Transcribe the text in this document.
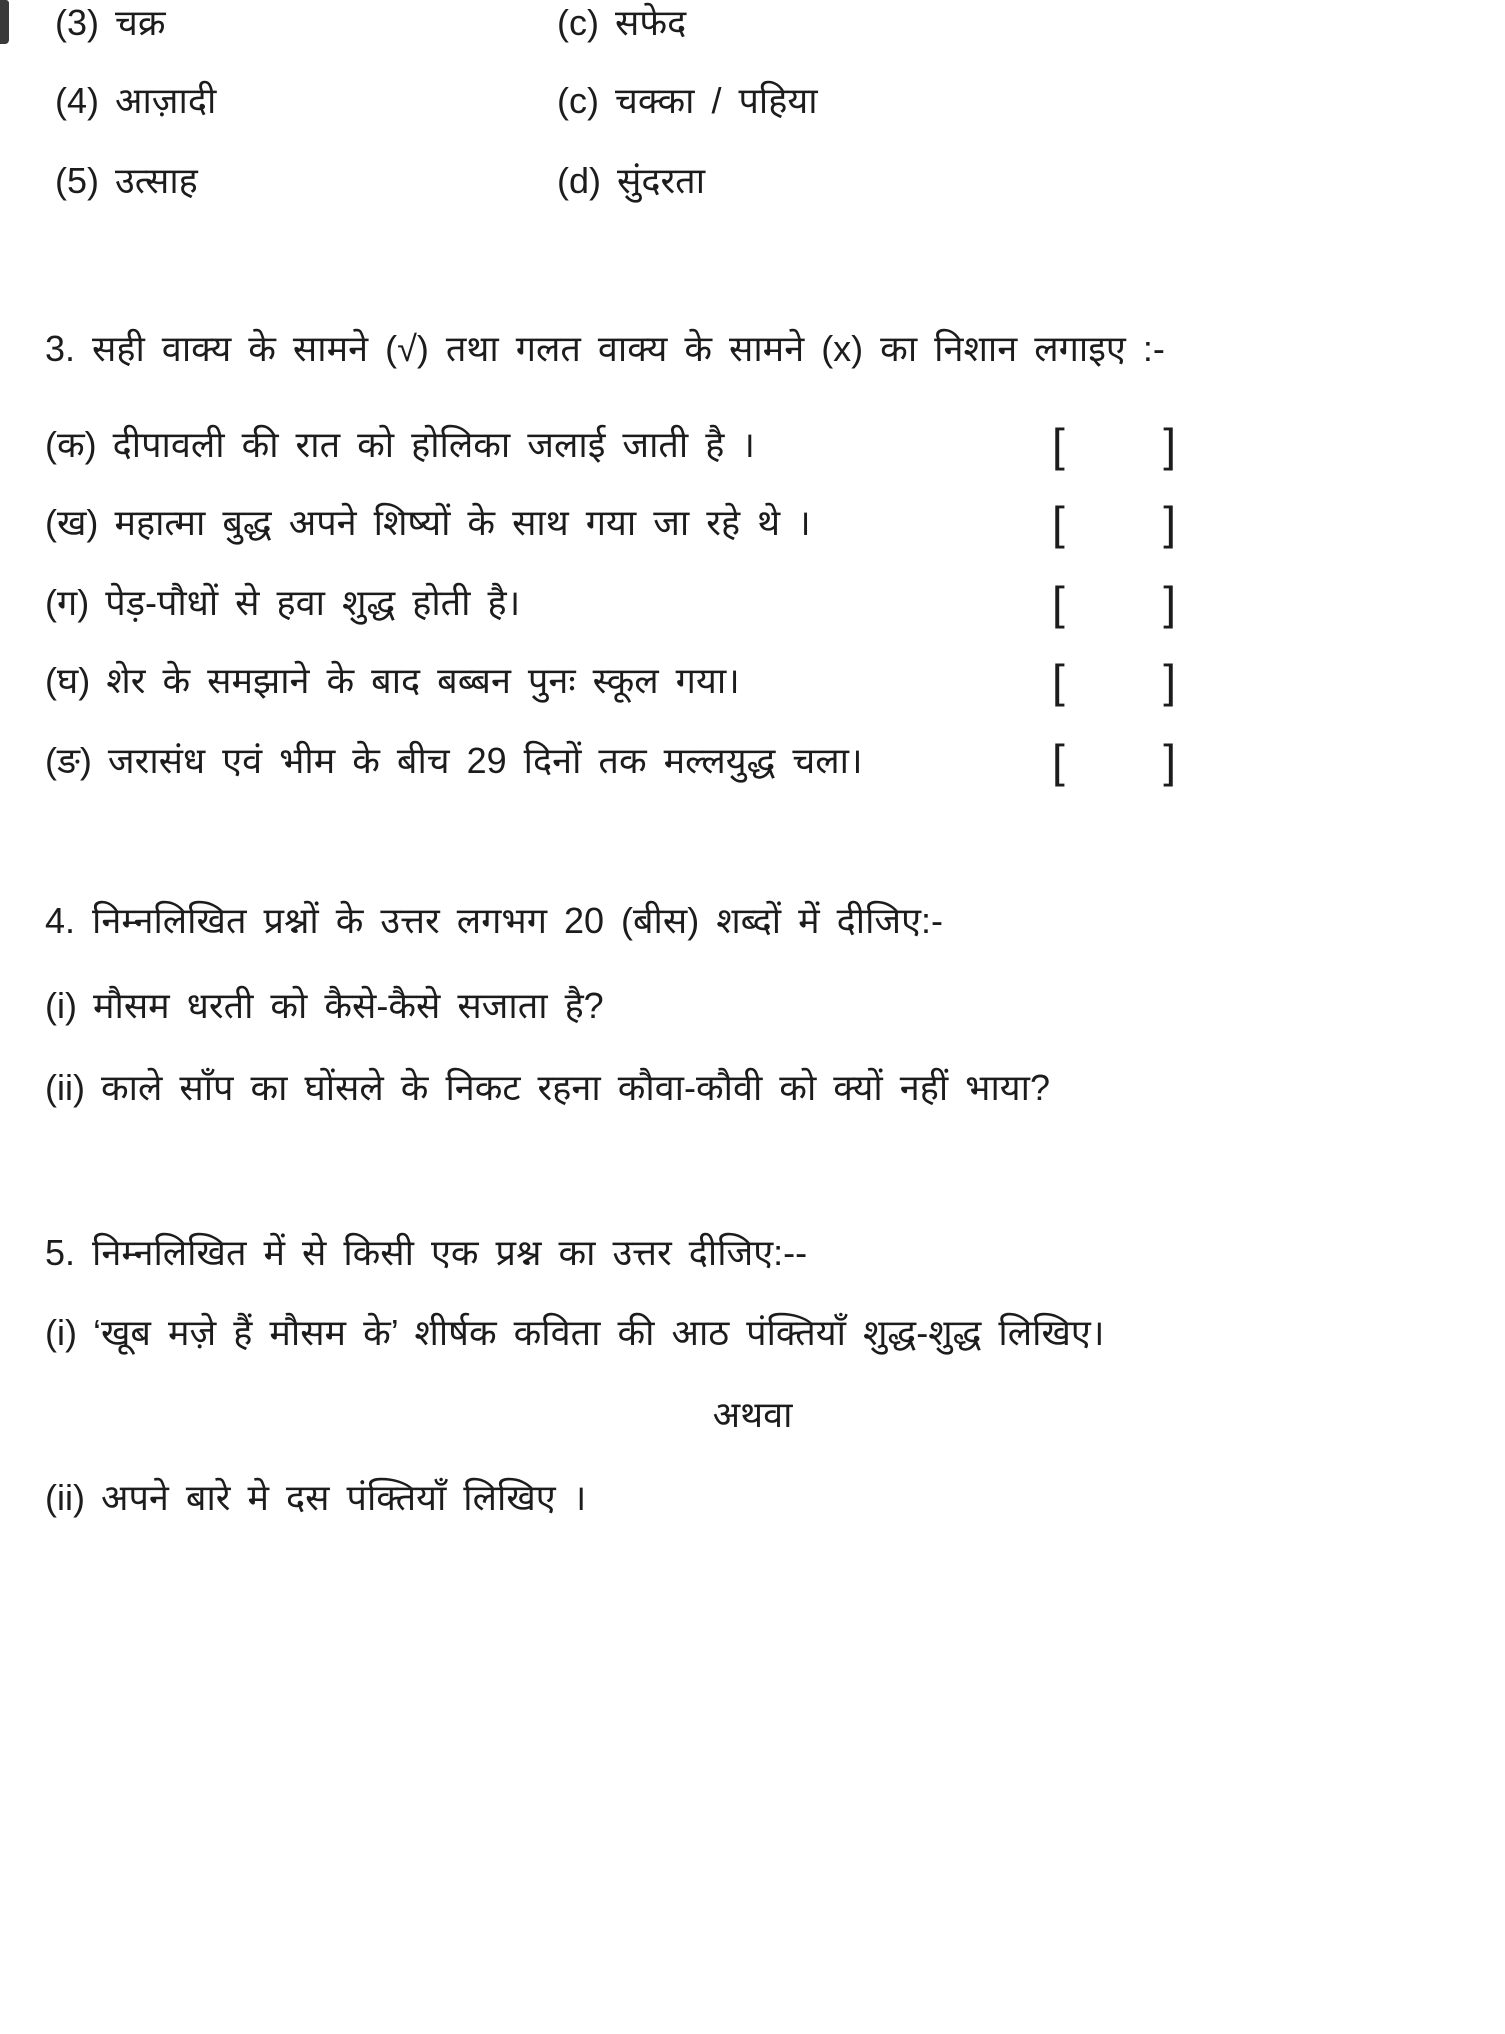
(3) चक्र	(c) सफेद
(4) आज़ादी	(c) चक्का / पहिया
(5) उत्साह	(d) सुंदरता
3. सही वाक्य के सामने (√) तथा गलत वाक्य के सामने (x) का निशान लगाइए :-
(क) दीपावली की रात को होलिका जलाई जाती है ।	[ ]
(ख) महात्मा बुद्ध अपने शिष्यों के साथ गया जा रहे थे ।	[ ]
(ग) पेड़-पौधों से हवा शुद्ध होती है।	[ ]
(घ) शेर के समझाने के बाद बब्बन पुनः स्कूल गया।	[ ]
(ङ) जरासंध एवं भीम के बीच 29 दिनों तक मल्लयुद्ध चला।	[ ]
4. निम्नलिखित प्रश्नों के उत्तर लगभग 20 (बीस) शब्दों में दीजिए:-
(i) मौसम धरती को कैसे-कैसे सजाता है?
(ii) काले साँप का घोंसले के निकट रहना कौवा-कौवी को क्यों नहीं भाया?
5. निम्नलिखित में से किसी एक प्रश्न का उत्तर दीजिए:--
(i) ‘खूब मज़े हैं मौसम के’ शीर्षक कविता की आठ पंक्तियाँ शुद्ध-शुद्ध लिखिए।
अथवा
(ii) अपने बारे मे दस पंक्तियाँ लिखिए ।
